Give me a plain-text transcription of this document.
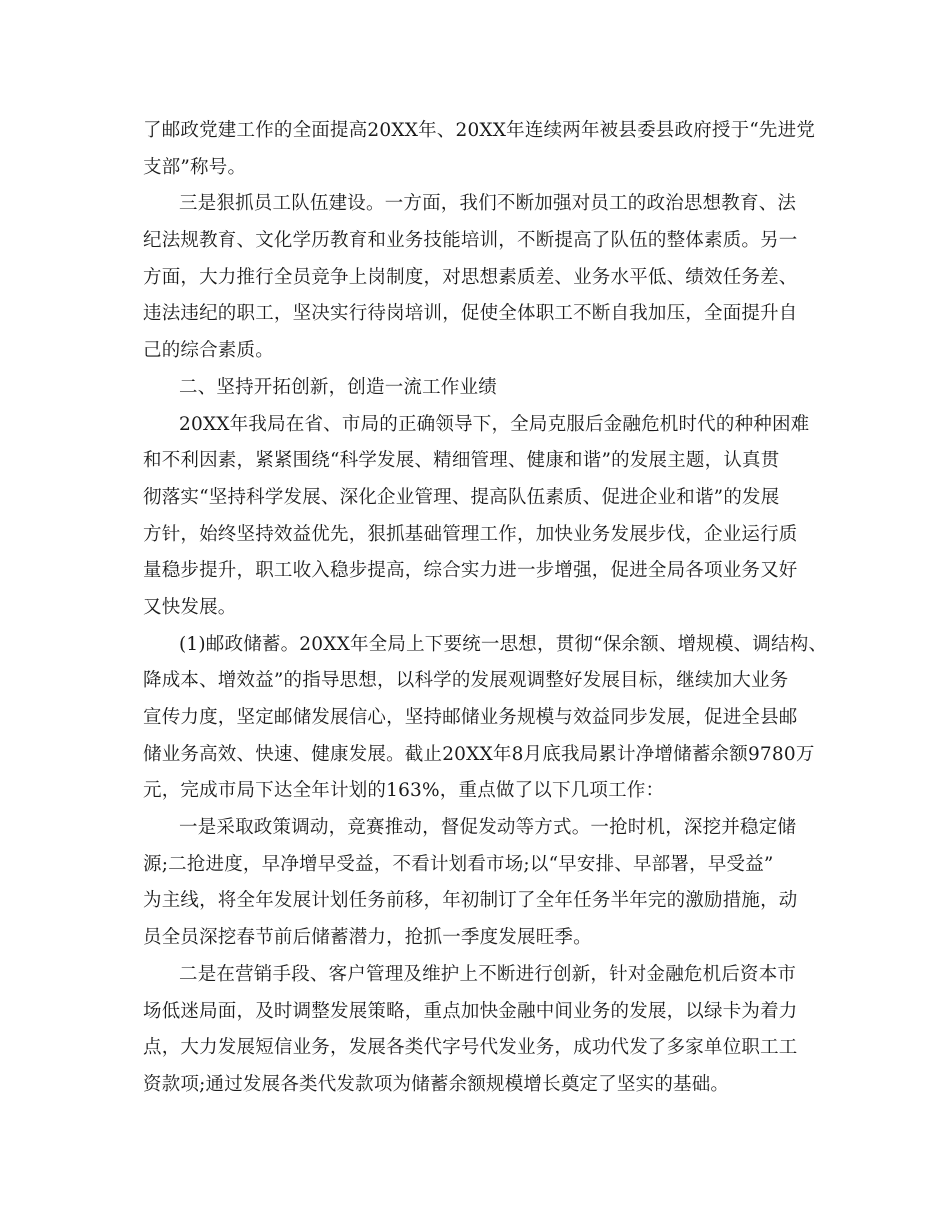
了邮政党建工作的全面提高20XX年、20XX年连续两年被县委县政府授于“先进党
支部”称号。
三是狠抓员工队伍建设。一方面，我们不断加强对员工的政治思想教育、法
纪法规教育、文化学历教育和业务技能培训，不断提高了队伍的整体素质。另一
方面，大力推行全员竞争上岗制度，对思想素质差、业务水平低、绩效任务差、
违法违纪的职工，坚决实行待岗培训，促使全体职工不断自我加压，全面提升自
己的综合素质。
二、坚持开拓创新，创造一流工作业绩
20XX年我局在省、市局的正确领导下，全局克服后金融危机时代的种种困难
和不利因素，紧紧围绕“科学发展、精细管理、健康和谐”的发展主题，认真贯
彻落实“坚持科学发展、深化企业管理、提高队伍素质、促进企业和谐”的发展
方针，始终坚持效益优先，狠抓基础管理工作，加快业务发展步伐，企业运行质
量稳步提升，职工收入稳步提高，综合实力进一步增强，促进全局各项业务又好
又快发展。
(1)邮政储蓄。20XX年全局上下要统一思想，贯彻“保余额、增规模、调结构、
降成本、增效益”的指导思想，以科学的发展观调整好发展目标，继续加大业务
宣传力度，坚定邮储发展信心，坚持邮储业务规模与效益同步发展，促进全县邮
储业务高效、快速、健康发展。截止20XX年8月底我局累计净增储蓄余额9780万
元，完成市局下达全年计划的163%，重点做了以下几项工作：
一是采取政策调动，竞赛推动，督促发动等方式。一抢时机，深挖并稳定储
源;二抢进度，早净增早受益，不看计划看市场;以“早安排、早部署，早受益”
为主线，将全年发展计划任务前移，年初制订了全年任务半年完的激励措施，动
员全员深挖春节前后储蓄潜力，抢抓一季度发展旺季。
二是在营销手段、客户管理及维护上不断进行创新，针对金融危机后资本市
场低迷局面，及时调整发展策略，重点加快金融中间业务的发展，以绿卡为着力
点，大力发展短信业务，发展各类代字号代发业务，成功代发了多家单位职工工
资款项;通过发展各类代发款项为储蓄余额规模增长奠定了坚实的基础。
